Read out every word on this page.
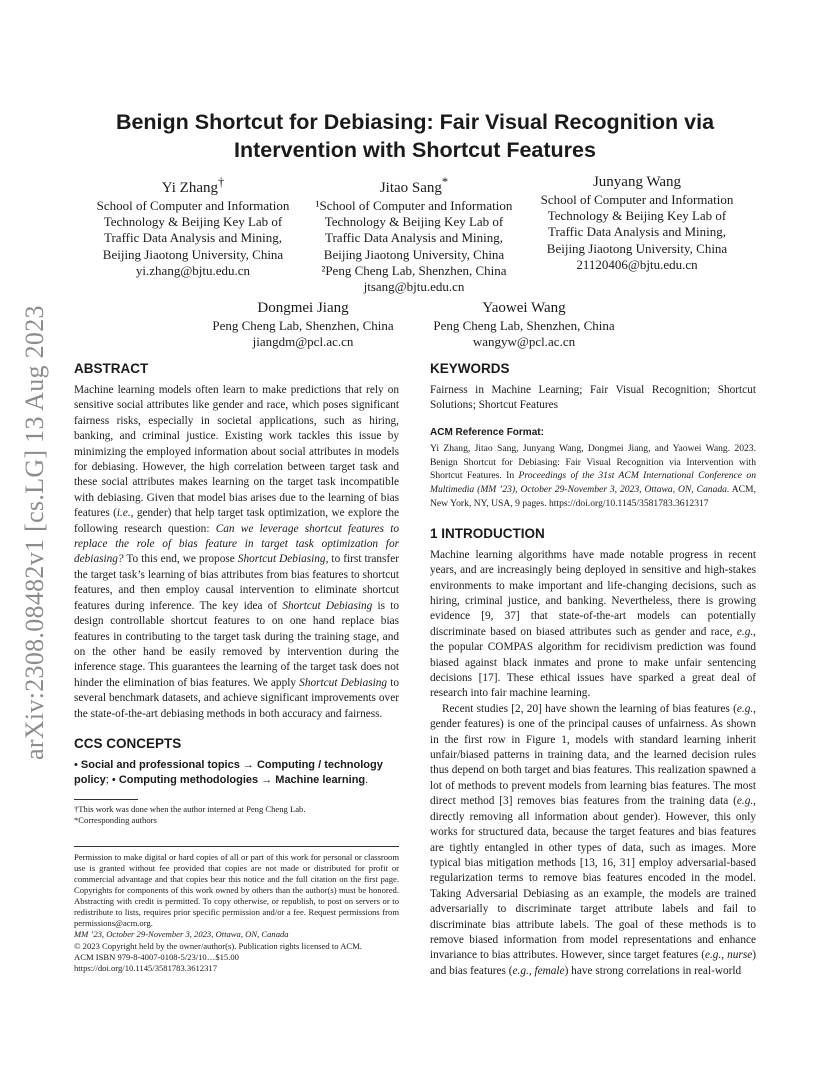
arXiv:2308.08482v1 [cs.LG] 13 Aug 2023
Benign Shortcut for Debiasing: Fair Visual Recognition via Intervention with Shortcut Features
Yi Zhang†
School of Computer and Information
Technology & Beijing Key Lab of
Traffic Data Analysis and Mining,
Beijing Jiaotong University, China
yi.zhang@bjtu.edu.cn
Jitao Sang*
¹School of Computer and Information
Technology & Beijing Key Lab of
Traffic Data Analysis and Mining,
Beijing Jiaotong University, China
²Peng Cheng Lab, Shenzhen, China
jtsang@bjtu.edu.cn
Junyang Wang
School of Computer and Information
Technology & Beijing Key Lab of
Traffic Data Analysis and Mining,
Beijing Jiaotong University, China
21120406@bjtu.edu.cn
Dongmei Jiang
Peng Cheng Lab, Shenzhen, China
jiangdm@pcl.ac.cn
Yaowei Wang
Peng Cheng Lab, Shenzhen, China
wangyw@pcl.ac.cn
ABSTRACT

Machine learning models often learn to make predictions that rely on sensitive social attributes like gender and race, which poses significant fairness risks, especially in societal applications, such as hiring, banking, and criminal justice. Existing work tackles this issue by minimizing the employed information about social attributes in models for debiasing. However, the high correlation between target task and these social attributes makes learning on the target task incompatible with debiasing. Given that model bias arises due to the learning of bias features (i.e., gender) that help target task optimization, we explore the following research question: Can we leverage shortcut features to replace the role of bias feature in target task optimization for debiasing? To this end, we propose Shortcut Debiasing, to first transfer the target task’s learning of bias attributes from bias features to shortcut features, and then employ causal intervention to eliminate shortcut features during inference. The key idea of Shortcut Debiasing is to design controllable shortcut features to on one hand replace bias features in contributing to the target task during the training stage, and on the other hand be easily removed by intervention during the inference stage. This guarantees the learning of the target task does not hinder the elimination of bias features. We apply Shortcut Debiasing to several benchmark datasets, and achieve significant improvements over the state-of-the-art debiasing methods in both accuracy and fairness.

CCS CONCEPTS

• Social and professional topics → Computing / technology policy; • Computing methodologies → Machine learning.

†This work was done when the author interned at Peng Cheng Lab.

*Corresponding authors

Permission to make digital or hard copies of all or part of this work for personal or classroom use is granted without fee provided that copies are not made or distributed for profit or commercial advantage and that copies bear this notice and the full citation on the first page. Copyrights for components of this work owned by others than the author(s) must be honored. Abstracting with credit is permitted. To copy otherwise, or republish, to post on servers or to redistribute to lists, requires prior specific permission and/or a fee. Request permissions from permissions@acm.org.

MM ’23, October 29-November 3, 2023, Ottawa, ON, Canada

© 2023 Copyright held by the owner/author(s). Publication rights licensed to ACM.

ACM ISBN 979-8-4007-0108-5/23/10…$15.00

https://doi.org/10.1145/3581783.3612317

KEYWORDS

Fairness in Machine Learning; Fair Visual Recognition; Shortcut Solutions; Shortcut Features

ACM Reference Format:

Yi Zhang, Jitao Sang, Junyang Wang, Dongmei Jiang, and Yaowei Wang. 2023. Benign Shortcut for Debiasing: Fair Visual Recognition via Intervention with Shortcut Features. In Proceedings of the 31st ACM International Conference on Multimedia (MM ’23), October 29-November 3, 2023, Ottawa, ON, Canada. ACM, New York, NY, USA, 9 pages. https://doi.org/10.1145/3581783.3612317

1 INTRODUCTION

Machine learning algorithms have made notable progress in recent years, and are increasingly being deployed in sensitive and high-stakes environments to make important and life-changing decisions, such as hiring, criminal justice, and banking. Nevertheless, there is growing evidence [9, 37] that state-of-the-art models can potentially discriminate based on biased attributes such as gender and race, e.g., the popular COMPAS algorithm for recidivism prediction was found biased against black inmates and prone to make unfair sentencing decisions [17]. These ethical issues have sparked a great deal of research into fair machine learning.

Recent studies [2, 20] have shown the learning of bias features (e.g., gender features) is one of the principal causes of unfairness. As shown in the first row in Figure 1, models with standard learning inherit unfair/biased patterns in training data, and the learned decision rules thus depend on both target and bias features. This realization spawned a lot of methods to prevent models from learning bias features. The most direct method [3] removes bias features from the training data (e.g., directly removing all information about gender). However, this only works for structured data, because the target features and bias features are tightly entangled in other types of data, such as images. More typical bias mitigation methods [13, 16, 31] employ adversarial-based regularization terms to remove bias features encoded in the model. Taking Adversarial Debiasing as an example, the models are trained adversarially to discriminate target attribute labels and fail to discriminate bias attribute labels. The goal of these methods is to remove biased information from model representations and enhance invariance to bias attributes. However, since target features (e.g., nurse) and bias features (e.g., female) have strong correlations in real-world
